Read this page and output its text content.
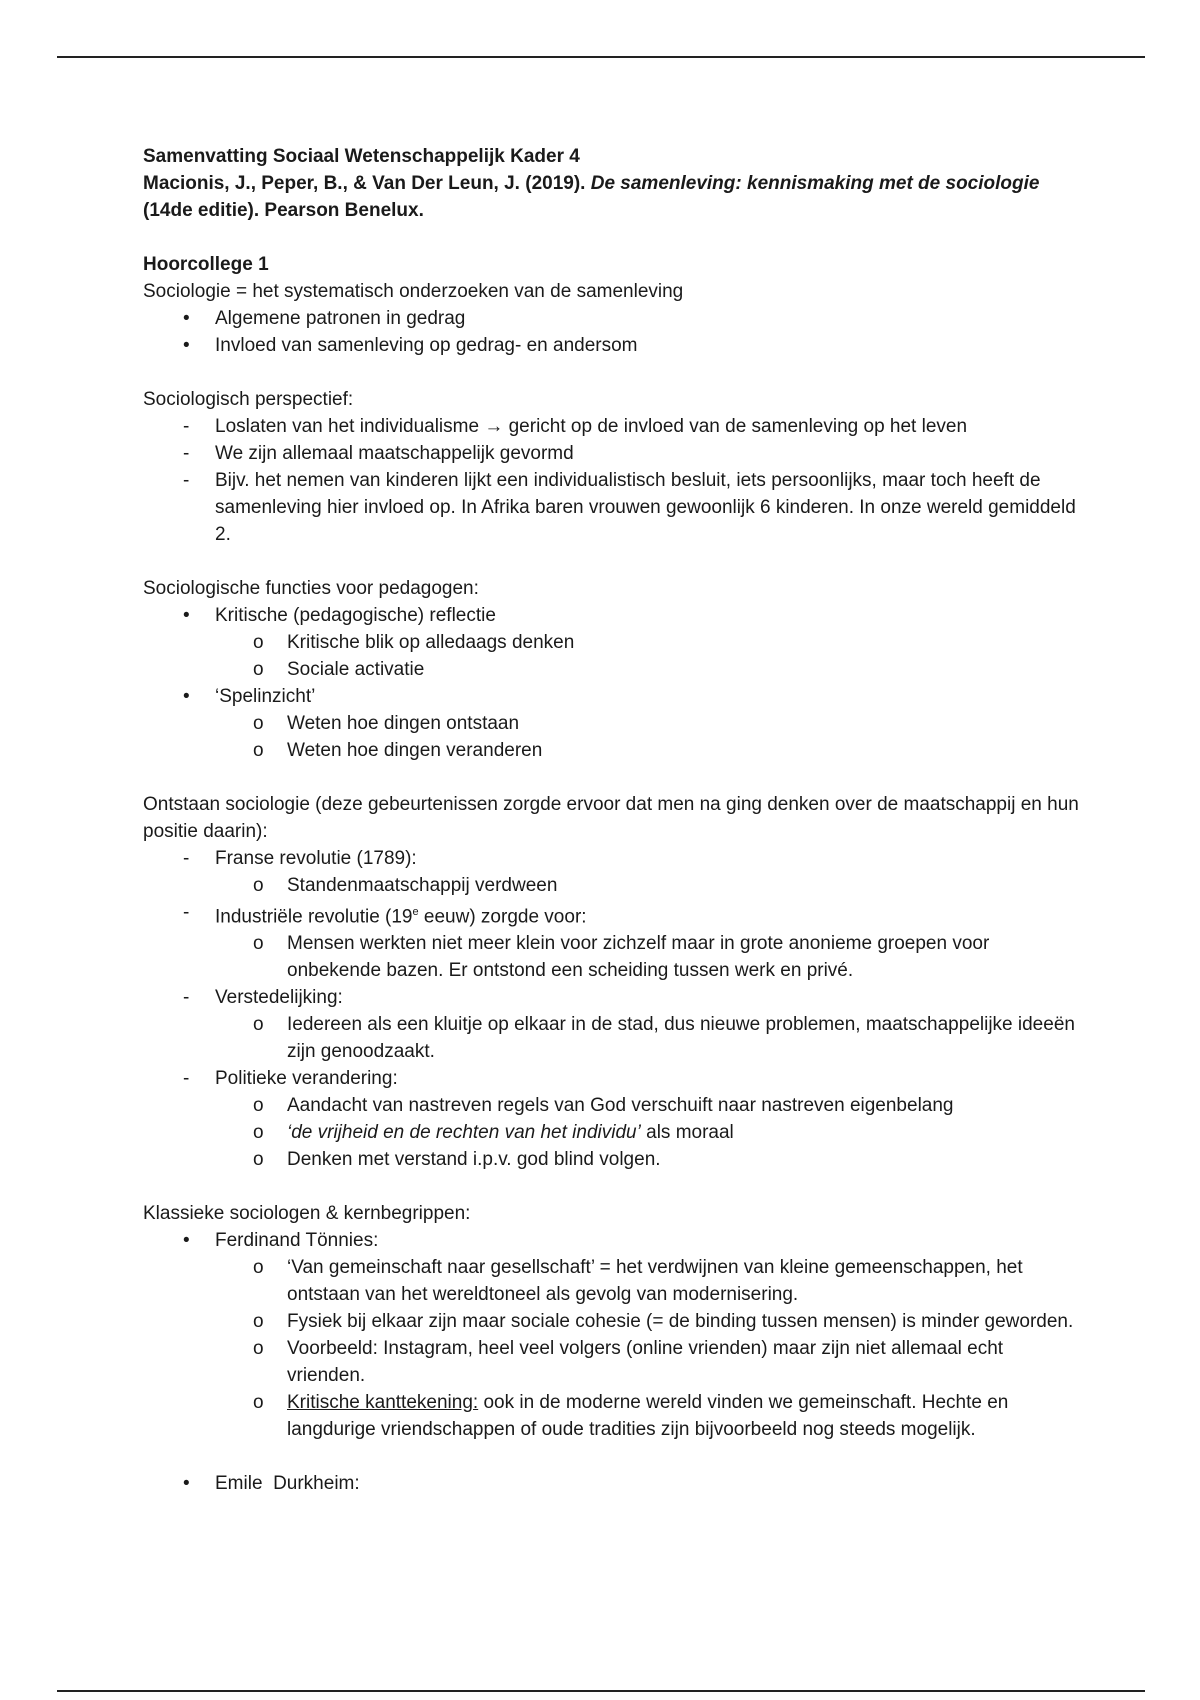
Samenvatting Sociaal Wetenschappelijk Kader 4

Macionis, J., Peper, B., & Van Der Leun, J. (2019). De samenleving: kennismaking met de sociologie
(14de editie). Pearson Benelux.

Hoorcollege 1

Sociologie = het systematisch onderzoeken van de samenleving

•
Algemene patronen in gedrag
•
Invloed van samenleving op gedrag- en andersom

Sociologisch perspectief:

-
Loslaten van het individualisme → gericht op de invloed van de samenleving op het leven
-
We zijn allemaal maatschappelijk gevormd
-
Bijv. het nemen van kinderen lijkt een individualistisch besluit, iets persoonlijks, maar toch heeft de samenleving hier invloed op. In Afrika baren vrouwen gewoonlijk 6 kinderen. In onze wereld gemiddeld 2.

Sociologische functies voor pedagogen:

•
Kritische (pedagogische) reflectie
o
Kritische blik op alledaags denken
o
Sociale activatie
•
‘Spelinzicht’
o
Weten hoe dingen ontstaan
o
Weten hoe dingen veranderen

Ontstaan sociologie (deze gebeurtenissen zorgde ervoor dat men na ging denken over de maatschappij en hun positie daarin):

-
Franse revolutie (1789):
o
Standenmaatschappij verdween
-
Industriële revolutie (19e eeuw) zorgde voor:
o
Mensen werkten niet meer klein voor zichzelf maar in grote anonieme groepen voor onbekende bazen. Er ontstond een scheiding tussen werk en privé.
-
Verstedelijking:
o
Iedereen als een kluitje op elkaar in de stad, dus nieuwe problemen, maatschappelijke ideeën zijn genoodzaakt.
-
Politieke verandering:
o
Aandacht van nastreven regels van God verschuift naar nastreven eigenbelang
o
‘de vrijheid en de rechten van het individu’ als moraal
o
Denken met verstand i.p.v. god blind volgen.

Klassieke sociologen & kernbegrippen:

•
Ferdinand Tönnies:
o
‘Van gemeinschaft naar gesellschaft’ = het verdwijnen van kleine gemeenschappen, het ontstaan van het wereldtoneel als gevolg van modernisering.
o
Fysiek bij elkaar zijn maar sociale cohesie (= de binding tussen mensen) is minder geworden.
o
Voorbeeld: Instagram, heel veel volgers (online vrienden) maar zijn niet allemaal echt vrienden.
o
Kritische kanttekening: ook in de moderne wereld vinden we gemeinschaft. Hechte en langdurige vriendschappen of oude tradities zijn bijvoorbeeld nog steeds mogelijk.
•
Emile  Durkheim:
